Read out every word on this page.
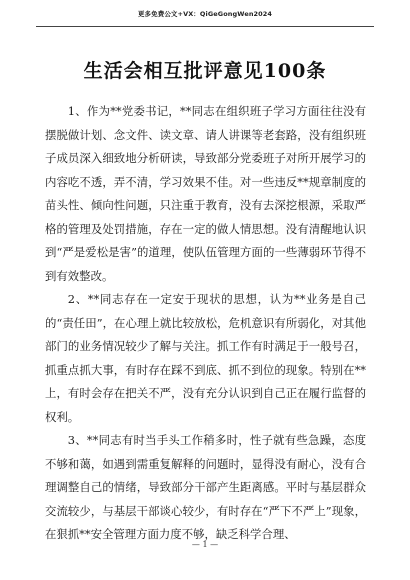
更多免费公文+VX：QiGeGongWen2024
生活会相互批评意见100条

1、作为**党委书记，**同志在组织班子学习方面往往没有摆脱做计划、念文件、读文章、请人讲课等老套路，没有组织班子成员深入细致地分析研读，导致部分党委班子对所开展学习的内容吃不透，弄不清，学习效果不佳。对一些违反**规章制度的苗头性、倾向性问题，只注重于教育，没有去深挖根源，采取严格的管理及处罚措施，存在一定的做人情思想。没有清醒地认识到“严是爱松是害”的道理，使队伍管理方面的一些薄弱环节得不到有效整改。

2、**同志存在一定安于现状的思想，认为**业务是自己的“责任田”，在心理上就比较放松，危机意识有所弱化，对其他部门的业务情况较少了解与关注。抓工作有时满足于一般号召，抓重点抓大事，有时存在踩不到底、抓不到位的现象。特别在**上，有时会存在把关不严，没有充分认识到自己正在履行监督的权利。

3、**同志有时当手头工作稍多时，性子就有些急躁，态度不够和蔼，如遇到需重复解释的问题时，显得没有耐心，没有合理调整自己的情绪，导致部分干部产生距离感。平时与基层群众交流较少，与基层干部谈心较少，有时存在“严下不严上”现象，在狠抓**安全管理方面力度不够，缺乏科学合理、

— 1 —
